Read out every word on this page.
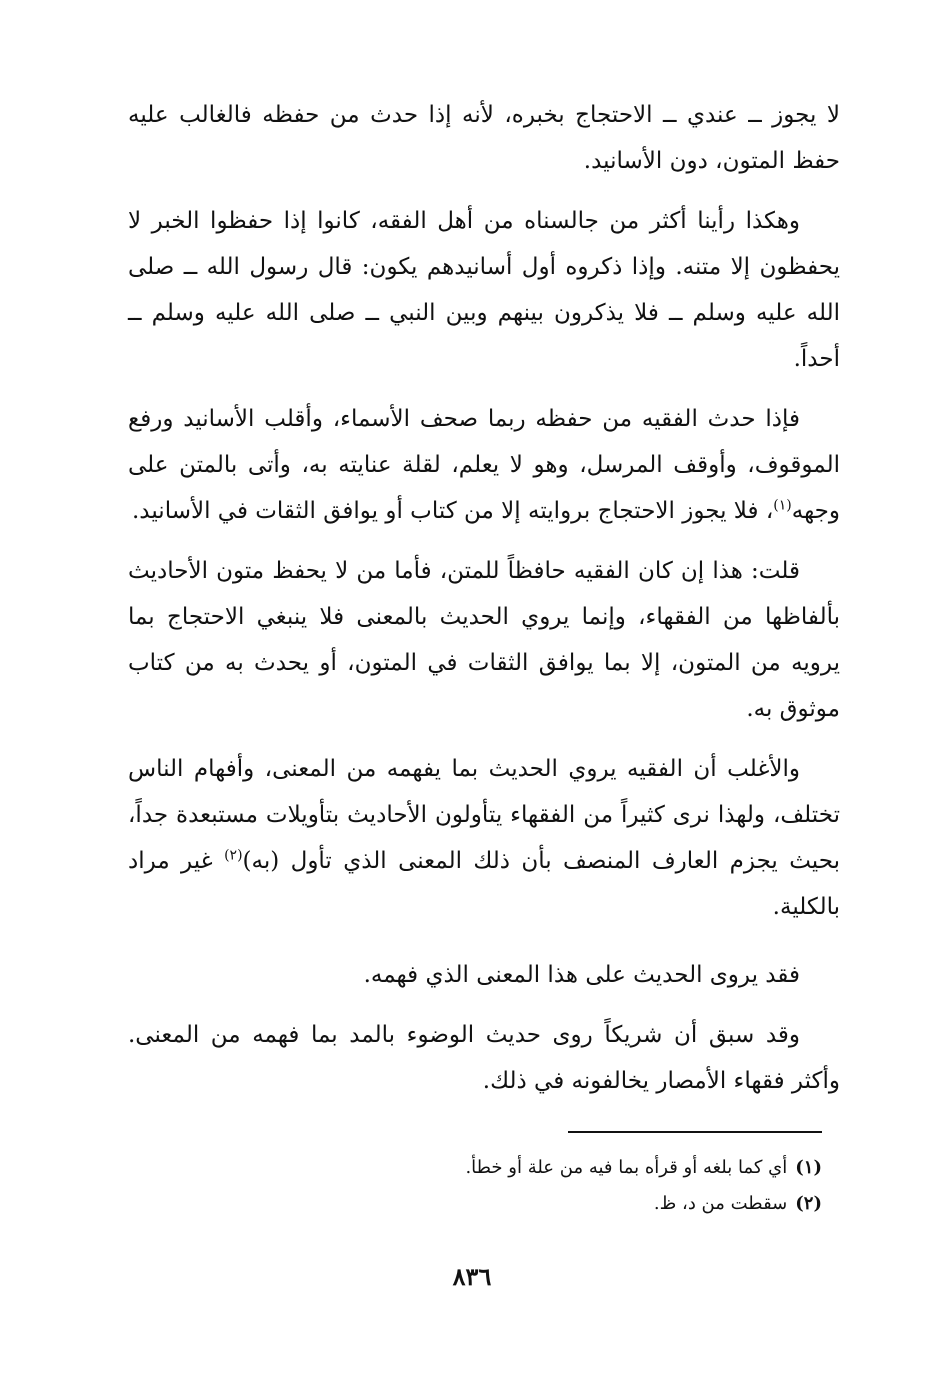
لا يجوز ــ عندي ــ الاحتجاج بخبره، لأنه إذا حدث من حفظه فالغالب عليه حفظ المتون، دون الأسانيد.

وهكذا رأينا أكثر من جالسناه من أهل الفقه، كانوا إذا حفظوا الخبر لا يحفظون إلا متنه. وإذا ذكروه أول أسانيدهم يكون: قال رسول الله ــ صلى الله عليه وسلم ــ فلا يذكرون بينهم وبين النبي ــ صلى الله عليه وسلم ــ أحداً.

فإذا حدث الفقيه من حفظه ربما صحف الأسماء، وأقلب الأسانيد ورفع الموقوف، وأوقف المرسل، وهو لا يعلم، لقلة عنايته به، وأتى بالمتن على وجهه$^{(١)}$، فلا يجوز الاحتجاج بروايته إلا من كتاب أو يوافق الثقات في الأسانيد.

قلت: هذا إن كان الفقيه حافظاً للمتن، فأما من لا يحفظ متون الأحاديث بألفاظها من الفقهاء، وإنما يروي الحديث بالمعنى فلا ينبغي الاحتجاج بما يرويه من المتون، إلا بما يوافق الثقات في المتون، أو يحدث به من كتاب موثوق به.

والأغلب أن الفقيه يروي الحديث بما يفهمه من المعنى، وأفهام الناس تختلف، ولهذا نرى كثيراً من الفقهاء يتأولون الأحاديث بتأويلات مستبعدة جداً، بحيث يجزم العارف المنصف بأن ذلك المعنى الذي تأول (به)$^{(٢)}$ غير مراد بالكلية.

فقد يروى الحديث على هذا المعنى الذي فهمه.

وقد سبق أن شريكاً روى حديث الوضوء بالمد بما فهمه من المعنى. وأكثر فقهاء الأمصار يخالفونه في ذلك.

(١)أي كما بلغه أو قرأه بما فيه من علة أو خطأ.

(٢)سقطت من د، ظ.

٨٣٦
